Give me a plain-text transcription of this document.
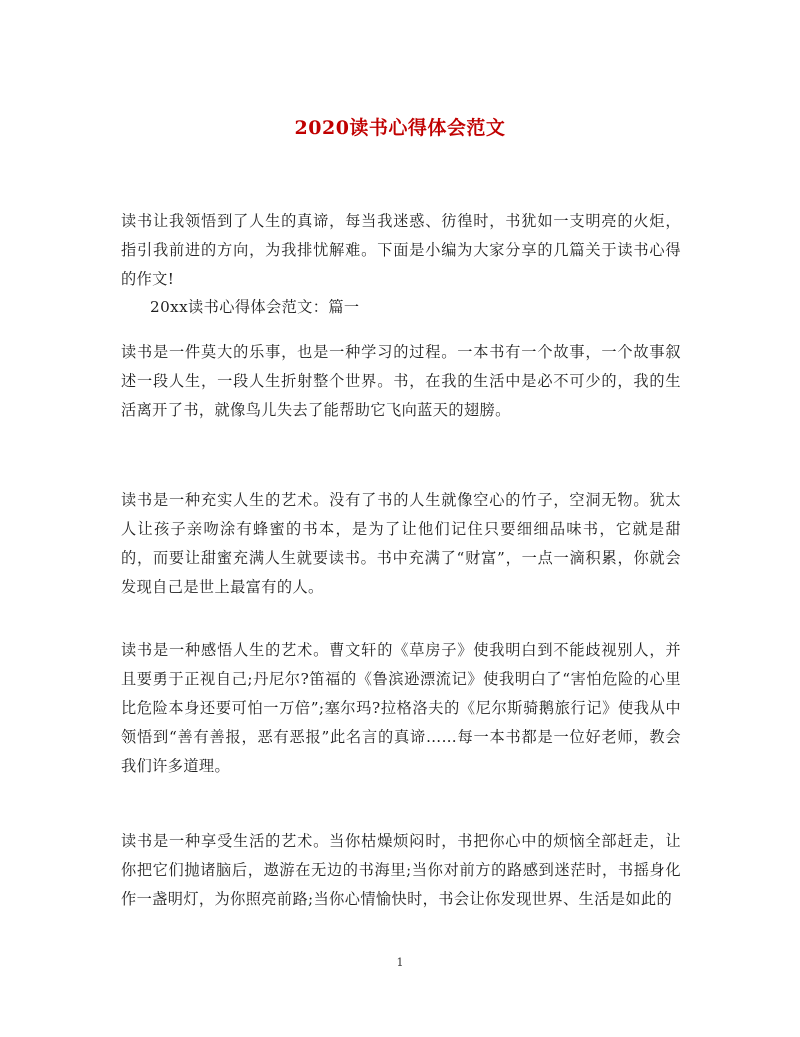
2020读书心得体会范文

读书让我领悟到了人生的真谛，每当我迷惑、彷徨时，书犹如一支明亮的火炬，指引我前进的方向，为我排忧解难。下面是小编为大家分享的几篇关于读书心得的作文!

20xx读书心得体会范文：篇一

读书是一件莫大的乐事，也是一种学习的过程。一本书有一个故事，一个故事叙述一段人生，一段人生折射整个世界。书，在我的生活中是必不可少的，我的生活离开了书，就像鸟儿失去了能帮助它飞向蓝天的翅膀。

读书是一种充实人生的艺术。没有了书的人生就像空心的竹子，空洞无物。犹太人让孩子亲吻涂有蜂蜜的书本，是为了让他们记住只要细细品味书，它就是甜的，而要让甜蜜充满人生就要读书。书中充满了“财富”，一点一滴积累，你就会发现自己是世上最富有的人。

读书是一种感悟人生的艺术。曹文轩的《草房子》使我明白到不能歧视别人，并且要勇于正视自己;丹尼尔?笛福的《鲁滨逊漂流记》使我明白了“害怕危险的心里比危险本身还要可怕一万倍”;塞尔玛?拉格洛夫的《尼尔斯骑鹅旅行记》使我从中领悟到“善有善报，恶有恶报”此名言的真谛……每一本书都是一位好老师，教会我们许多道理。

读书是一种享受生活的艺术。当你枯燥烦闷时，书把你心中的烦恼全部赶走，让你把它们抛诸脑后，遨游在无边的书海里;当你对前方的路感到迷茫时，书摇身化作一盏明灯，为你照亮前路;当你心情愉快时，书会让你发现世界、生活是如此的

1
